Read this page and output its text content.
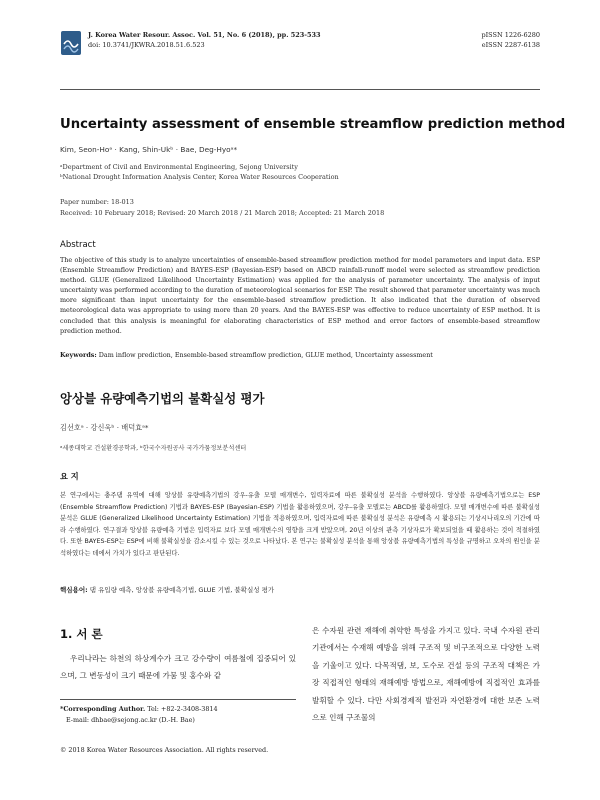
J. Korea Water Resour. Assoc. Vol. 51, No. 6 (2018), pp. 523-533
doi: 10.3741/JKWRA.2018.51.6.523
pISSN 1226-6280
eISSN 2287-6138
Uncertainty assessment of ensemble streamflow prediction method
Kim, Seon-Hoᵃ · Kang, Shin-Ukᵇ · Bae, Deg-Hyoᵃ*
ᵃDepartment of Civil and Environmental Engineering, Sejong University
ᵇNational Drought Information Analysis Center, Korea Water Resources Cooperation
Paper number: 18-013
Received: 10 February 2018; Revised: 20 March 2018 / 21 March 2018; Accepted: 21 March 2018
Abstract

The objective of this study is to analyze uncertainties of ensemble-based streamflow prediction method for model parameters and input data. ESP (Ensemble Streamflow Prediction) and BAYES-ESP (Bayesian-ESP) based on ABCD rainfall-runoff model were selected as streamflow prediction method. GLUE (Generalized Likelihood Uncertainty Estimation) was applied for the analysis of parameter uncertainty. The analysis of input uncertainty was performed according to the duration of meteorological scenarios for ESP. The result showed that parameter uncertainty was much more significant than input uncertainty for the ensemble-based streamflow prediction. It also indicated that the duration of observed meteorological data was appropriate to using more than 20 years. And the BAYES-ESP was effective to reduce uncertainty of ESP method. It is concluded that this analysis is meaningful for elaborating characteristics of ESP method and error factors of ensemble-based streamflow prediction method.

Keywords: Dam inflow prediction, Ensemble-based streamflow prediction, GLUE method, Uncertainty assessment
앙상블 유량예측기법의 불확실성 평가
김선호ᵃ · 강신욱ᵇ · 배덕효ᵃ*
ᵃ세종대학교 건설환경공학과, ᵇ한국수자원공사 국가가뭄정보분석센터
요 지

본 연구에서는 충주댐 유역에 대해 앙상블 유량예측기법의 강우-유출 모델 매개변수, 입력자료에 따른 불확실성 분석을 수행하였다. 앙상블 유량예측기법으로는 ESP (Ensemble Streamflow Prediction) 기법과 BAYES-ESP (Bayesian-ESP) 기법을 활용하였으며, 강우-유출 모델로는 ABCD를 활용하였다. 모델 매개변수에 따른 불확실성 분석은 GLUE (Generalized Likelihood Uncertainty Estimation) 기법을 적용하였으며, 입력자료에 따른 불확실성 분석은 유량예측 시 활용되는 기상시나리오의 기간에 따라 수행하였다. 연구결과 앙상블 유량예측 기법은 입력자료 보다 모델 매개변수의 영향을 크게 받았으며, 20년 이상의 관측 기상자료가 확보되었을 때 활용하는 것이 적절하였다. 또한 BAYES-ESP는 ESP에 비해 불확실성을 감소시킬 수 있는 것으로 나타났다. 본 연구는 불확실성 분석을 통해 앙상블 유량예측기법의 특성을 규명하고 오차의 원인을 분석하였다는 데에서 가치가 있다고 판단된다.

핵심용어: 댐 유입량 예측, 앙상블 유량예측기법, GLUE 기법, 불확실성 평가
1. 서 론

우리나라는 하천의 하상계수가 크고 강수량이 여름철에 집중되어 있으며, 그 변동성이 크기 때문에 가뭄 및 홍수와 같

은 수자원 관련 재해에 취약한 특성을 가지고 있다. 국내 수자원 관리 기관에서는 수재해 예방을 위해 구조적 및 비구조적으로 다양한 노력을 기울이고 있다. 다목적댐, 보, 도수로 건설 등의 구조적 대책은 가장 직접적인 형태의 재해예방 방법으로, 재해예방에 직접적인 효과를 발휘할 수 있다. 다만 사회경제적 발전과 자연환경에 대한 보존 노력으로 인해 구조물의

*Corresponding Author. Tel: +82-2-3408-3814
E-mail: dhbae@sejong.ac.kr (D.-H. Bae)
© 2018 Korea Water Resources Association. All rights reserved.
